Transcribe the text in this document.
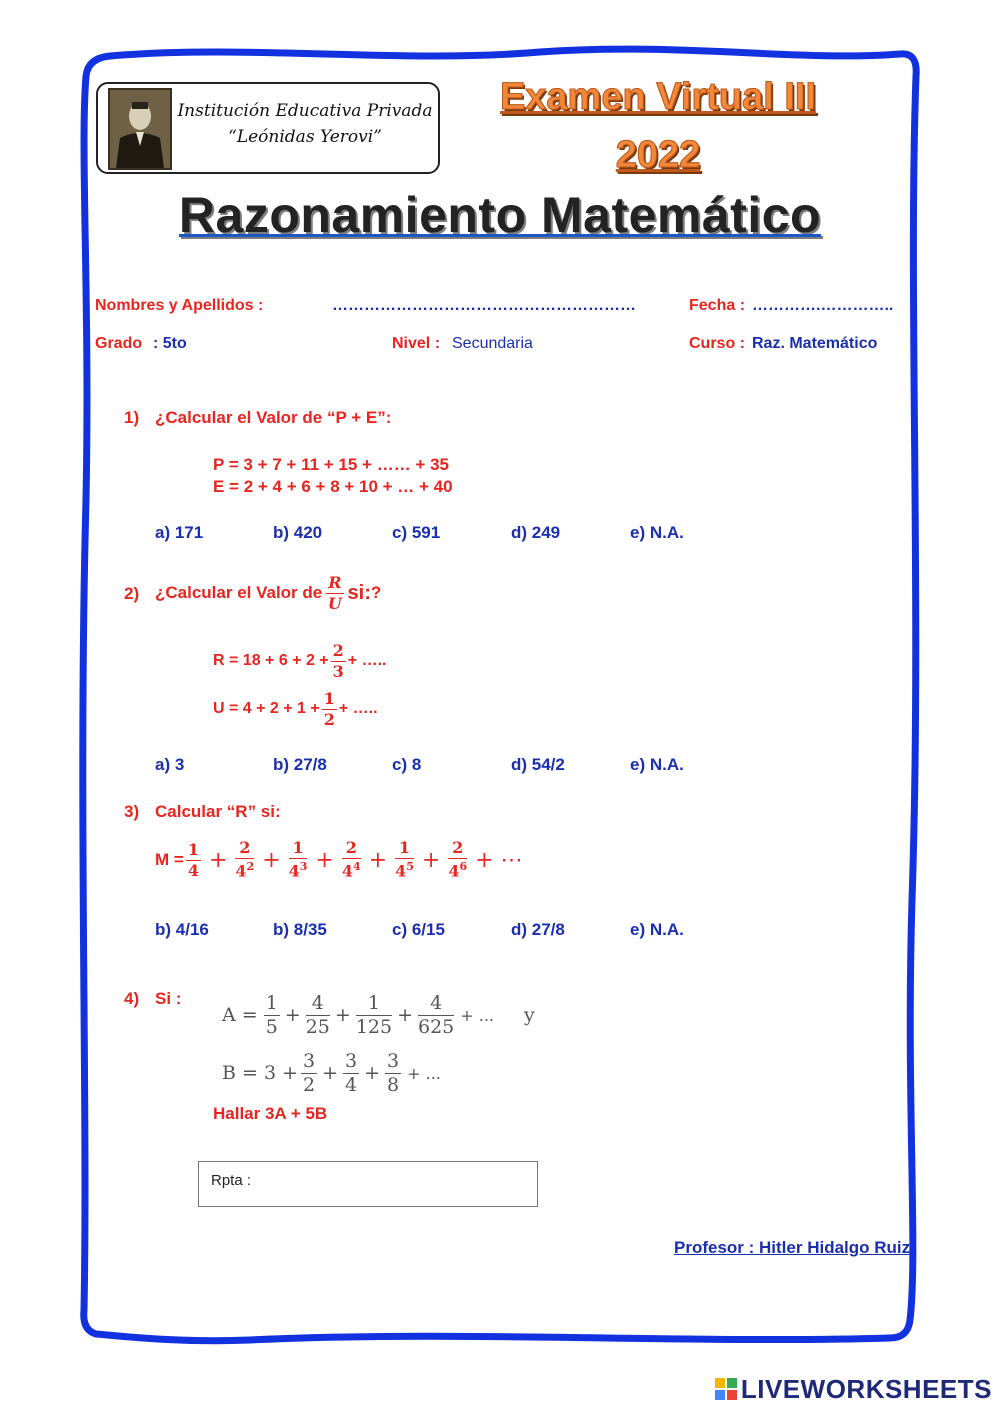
Institución Educativa Privada
“Leónidas Yerovi”
Examen Virtual III
2022
Razonamiento Matemático
Nombres y Apellidos :	…………………………………………………	Fecha : ………….…………..
Grado : 5to	Nivel : Secundaria	Curso : Raz. Matemático
1) ¿Calcular el Valor de “P + E”:
P = 3 + 7 + 11 + 15 + …… + 35
E = 2 + 4 + 6 + 8 + 10 + … + 40
a) 171	b) 420	c) 591	d) 249	e) N.A.
2) ¿Calcular el Valor de $\frac{R}{U}$ si: ?
$R = 18 + 6 + 2 + \frac{2}{3}$ + …..
$U = 4 + 2 + 1 + \frac{1}{2}$ + …..
a) 3	b) 27/8	c) 8	d) 54/2	e) N.A.
3) Calcular “R” si:
$M = \frac{1}{4} + \frac{2}{4^2} + \frac{1}{4^3} + \frac{2}{4^4} + \frac{1}{4^5} + \frac{2}{4^6}$ + ⋯
b) 4/16	b) 8/35	c) 6/15	d) 27/8	e) N.A.
4) Si :
$A = \frac{1}{5} + \frac{4}{25} + \frac{1}{125} + \frac{4}{625}$ + ... y
$B = 3 + \frac{3}{2} + \frac{3}{4} + \frac{3}{8}$ + ...
Hallar 3A + 5B
Rpta :
Profesor : Hitler Hidalgo Ruiz
LIVEWORKSHEETS
